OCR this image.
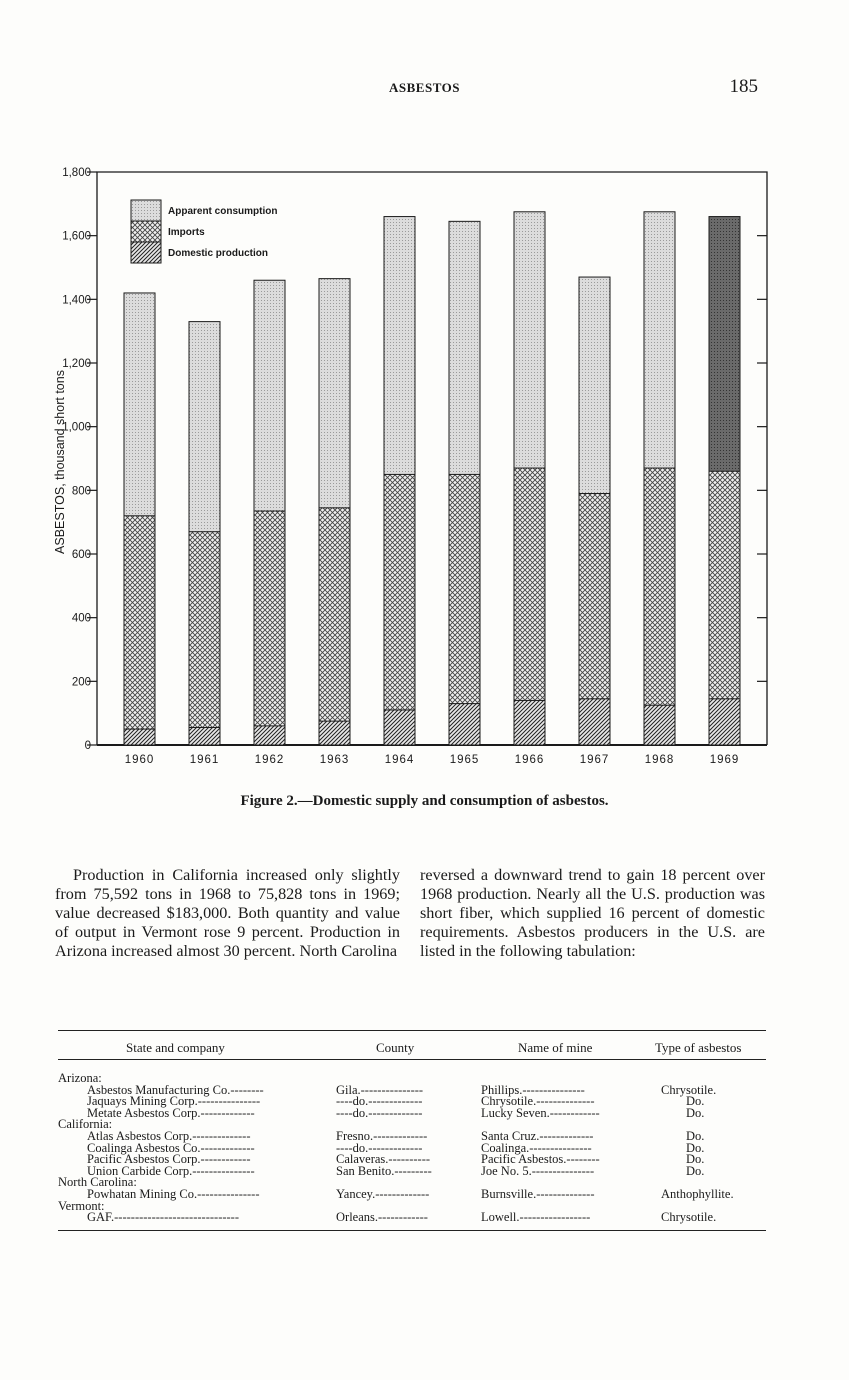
ASBESTOS	185
0
200
400
600
800
1,000
1,200
1,400
1,600
1,800
1960	1961	1962	1963	1964	1965	1966	1967	1968	1969
Apparent consumption
Imports
Domestic production
ASBESTOS, thousand short tons
Figure 2.—Domestic supply and consumption of asbestos.
Production in California increased only slightly from 75,592 tons in 1968 to 75,828 tons in 1969; value decreased $183,000. Both quantity and value of output in Vermont rose 9 percent. Production in Arizona increased almost 30 percent. North Carolina
reversed a downward trend to gain 18 percent over 1968 production. Nearly all the U.S. production was short fiber, which supplied 16 percent of domestic requirements. Asbestos producers in the U.S. are listed in the following tabulation:
State and company	County	Name of mine	Type of asbestos
Arizona:
Asbestos Manufacturing Co.--------	Gila.---------------	Phillips.---------------	Chrysotile.
Jaquays Mining Corp.---------------	----do.-------------	Chrysotile.--------------	Do.
Metate Asbestos Corp.-------------	----do.-------------	Lucky Seven.------------	Do.
California:
Atlas Asbestos Corp.--------------	Fresno.-------------	Santa Cruz.-------------	Do.
Coalinga Asbestos Co.-------------	----do.-------------	Coalinga.---------------	Do.
Pacific Asbestos Corp.------------	Calaveras.----------	Pacific Asbestos.--------	Do.
Union Carbide Corp.---------------	San Benito.---------	Joe No. 5.---------------	Do.
North Carolina:
Powhatan Mining Co.---------------	Yancey.-------------	Burnsville.--------------	Anthophyllite.
Vermont:
GAF.------------------------------	Orleans.------------	Lowell.-----------------	Chrysotile.
